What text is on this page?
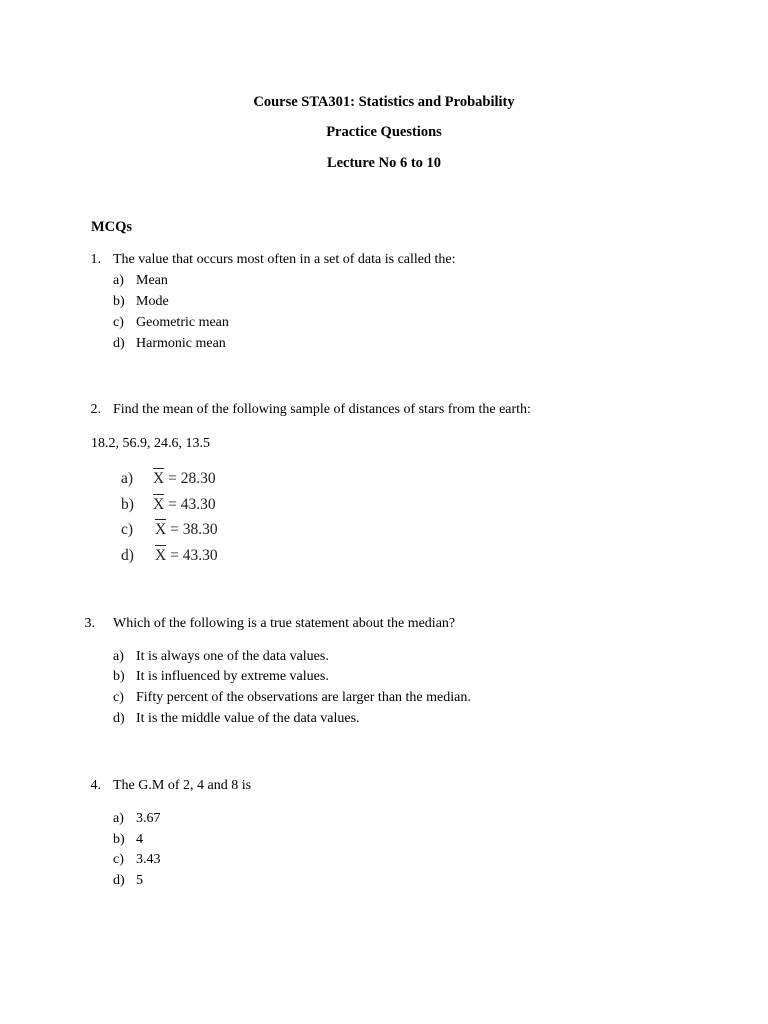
Course STA301: Statistics and Probability
Practice Questions
Lecture No 6 to 10
MCQs
1. The value that occurs most often in a set of data is called the:
a) Mean
b) Mode
c) Geometric mean
d) Harmonic mean
2. Find the mean of the following sample of distances of stars from the earth:
18.2, 56.9, 24.6, 13.5
a)	X = 28.30
b)	X = 43.30
c)	X = 38.30
d)	X = 43.30
3. Which of the following is a true statement about the median?
a) It is always one of the data values.
b) It is influenced by extreme values.
c) Fifty percent of the observations are larger than the median.
d) It is the middle value of the data values.
4. The G.M of 2, 4 and 8 is
a) 3.67
b) 4
c) 3.43
d) 5
